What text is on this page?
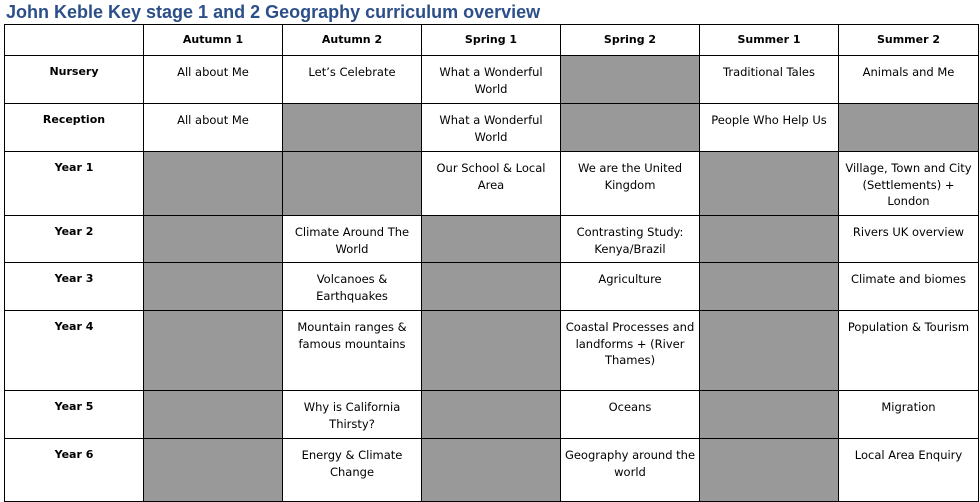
John Keble Key stage 1 and 2 Geography curriculum overview

	Autumn 1	Autumn 2	Spring 1	Spring 2	Summer 1	Summer 2

Nursery	All about Me	Let’s Celebrate	What a Wonderful World		Traditional Tales	Animals and Me

Reception	All about Me		What a Wonderful World		People Who Help Us	

Year 1			Our School & Local Area	We are the United Kingdom		Village, Town and City (Settlements) + London

Year 2		Climate Around The World		Contrasting Study: Kenya/Brazil		Rivers UK overview

Year 3		Volcanoes & Earthquakes		Agriculture		Climate and biomes

Year 4		Mountain ranges & famous mountains		Coastal Processes and landforms + (River Thames)		Population & Tourism

Year 5		Why is California Thirsty?		Oceans		Migration

Year 6		Energy & Climate Change		Geography around the world		Local Area Enquiry
